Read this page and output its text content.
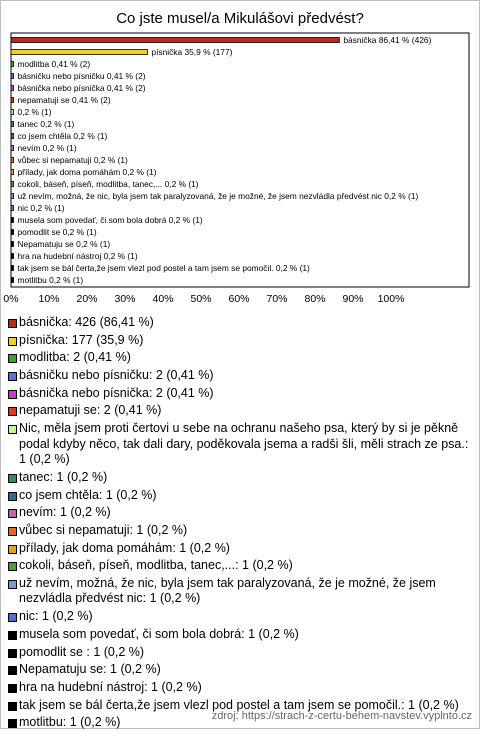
Co jste musel/a Mikulášovi předvést?
básnička 86,41 % (426)
písnička 35,9 % (177)
modlitba 0,41 % (2)
básničku nebo písničku 0,41 % (2)
básnička nebo písnička 0,41 % (2)
nepamatuji se 0,41 % (2)
0,2 % (1)
tanec 0,2 % (1)
co jsem chtěla 0,2 % (1)
nevím 0,2 % (1)
vůbec si nepamatuji 0,2 % (1)
přílady, jak doma pomáhám 0,2 % (1)
cokoli, báseň, píseň, modlitba, tanec,... 0,2 % (1)
už nevím, možná, že nic, byla jsem tak paralyzovaná, že je možné, že jsem nezvládla předvést nic 0,2 % (1)
nic 0,2 % (1)
musela som povedať, či som bola dobrá 0,2 % (1)
pomodlit se 0,2 % (1)
Nepamatuju se 0,2 % (1)
hra na hudební nástroj 0,2 % (1)
tak jsem se bál čerta,že jsem vlezl pod postel a tam jsem se pomočil. 0,2 % (1)
motlitbu 0,2 % (1)
0% 10% 20% 30% 40% 50% 60% 70% 80% 90% 100%
básnička: 426 (86,41 %)
písnička: 177 (35,9 %)
modlitba: 2 (0,41 %)
básničku nebo písničku: 2 (0,41 %)
básnička nebo písnička: 2 (0,41 %)
nepamatuji se: 2 (0,41 %)
Nic, měla jsem proti čertovi u sebe na ochranu našeho psa, který by si je pěkně podal kdyby něco, tak dali dary, poděkovala jsema a radši šli, měli strach ze psa.: 1 (0,2 %)
tanec: 1 (0,2 %)
co jsem chtěla: 1 (0,2 %)
nevím: 1 (0,2 %)
vůbec si nepamatuji: 1 (0,2 %)
přílady, jak doma pomáhám: 1 (0,2 %)
cokoli, báseň, píseň, modlitba, tanec,...: 1 (0,2 %)
už nevím, možná, že nic, byla jsem tak paralyzovaná, že je možné, že jsem nezvládla předvést nic: 1 (0,2 %)
nic: 1 (0,2 %)
musela som povedať, či som bola dobrá: 1 (0,2 %)
pomodlit se : 1 (0,2 %)
Nepamatuju se: 1 (0,2 %)
hra na hudební nástroj: 1 (0,2 %)
tak jsem se bál čerta,že jsem vlezl pod postel a tam jsem se pomočil.: 1 (0,2 %)
motlitbu: 1 (0,2 %)	zdroj: https://strach-z-certu-behem-navstev.vyplnto.cz
